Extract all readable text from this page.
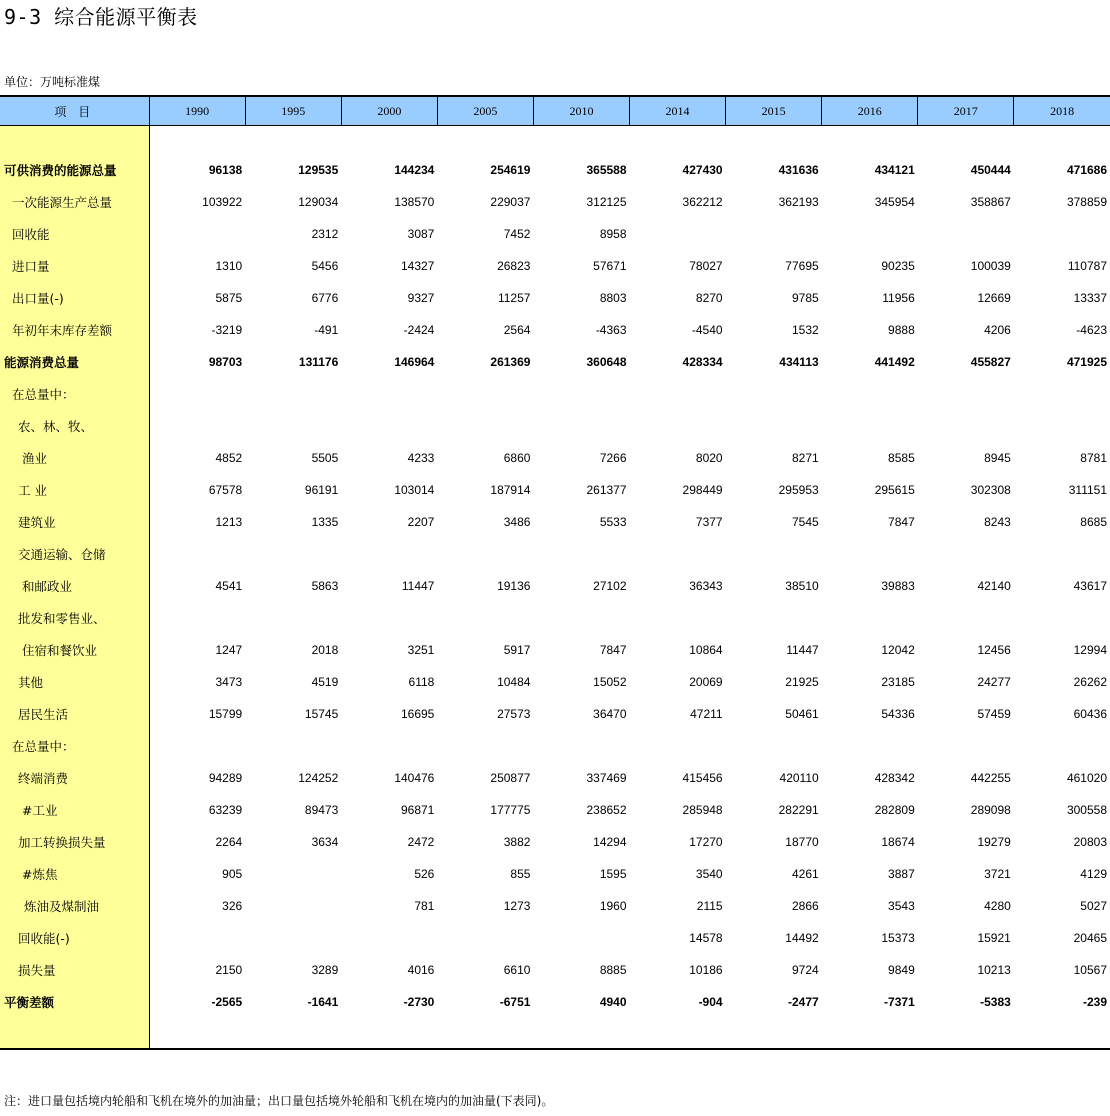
9-3 综合能源平衡表
单位：万吨标准煤
项 目	1990	1995	2000	2005	2010	2014	2015	2016	2017	2018

可供消费的能源总量	96138	129535	144234	254619	365588	427430	431636	434121	450444	471686
一次能源生产总量	103922	129034	138570	229037	312125	362212	362193	345954	358867	378859
回收能		2312	3087	7452	8958					
进口量	1310	5456	14327	26823	57671	78027	77695	90235	100039	110787
出口量(-)	5875	6776	9327	11257	8803	8270	9785	11956	12669	13337
年初年末库存差额	-3219	-491	-2424	2564	-4363	-4540	1532	9888	4206	-4623
能源消费总量	98703	131176	146964	261369	360648	428334	434113	441492	455827	471925
在总量中：										
农、林、牧、										
渔业	4852	5505	4233	6860	7266	8020	8271	8585	8945	8781
工 业	67578	96191	103014	187914	261377	298449	295953	295615	302308	311151
建筑业	1213	1335	2207	3486	5533	7377	7545	7847	8243	8685
交通运输、仓储										
和邮政业	4541	5863	11447	19136	27102	36343	38510	39883	42140	43617
批发和零售业、										
住宿和餐饮业	1247	2018	3251	5917	7847	10864	11447	12042	12456	12994
其他	3473	4519	6118	10484	15052	20069	21925	23185	24277	26262
居民生活	15799	15745	16695	27573	36470	47211	50461	54336	57459	60436
在总量中：										
终端消费	94289	124252	140476	250877	337469	415456	420110	428342	442255	461020
#工业	63239	89473	96871	177775	238652	285948	282291	282809	289098	300558
加工转换损失量	2264	3634	2472	3882	14294	17270	18770	18674	19279	20803
#炼焦	905		526	855	1595	3540	4261	3887	3721	4129
炼油及煤制油	326		781	1273	1960	2115	2866	3543	4280	5027
回收能(-)						14578	14492	15373	15921	20465
损失量	2150	3289	4016	6610	8885	10186	9724	9849	10213	10567
平衡差额	-2565	-1641	-2730	-6751	4940	-904	-2477	-7371	-5383	-239

注：进口量包括境内轮船和飞机在境外的加油量；出口量包括境外轮船和飞机在境内的加油量(下表同)。
